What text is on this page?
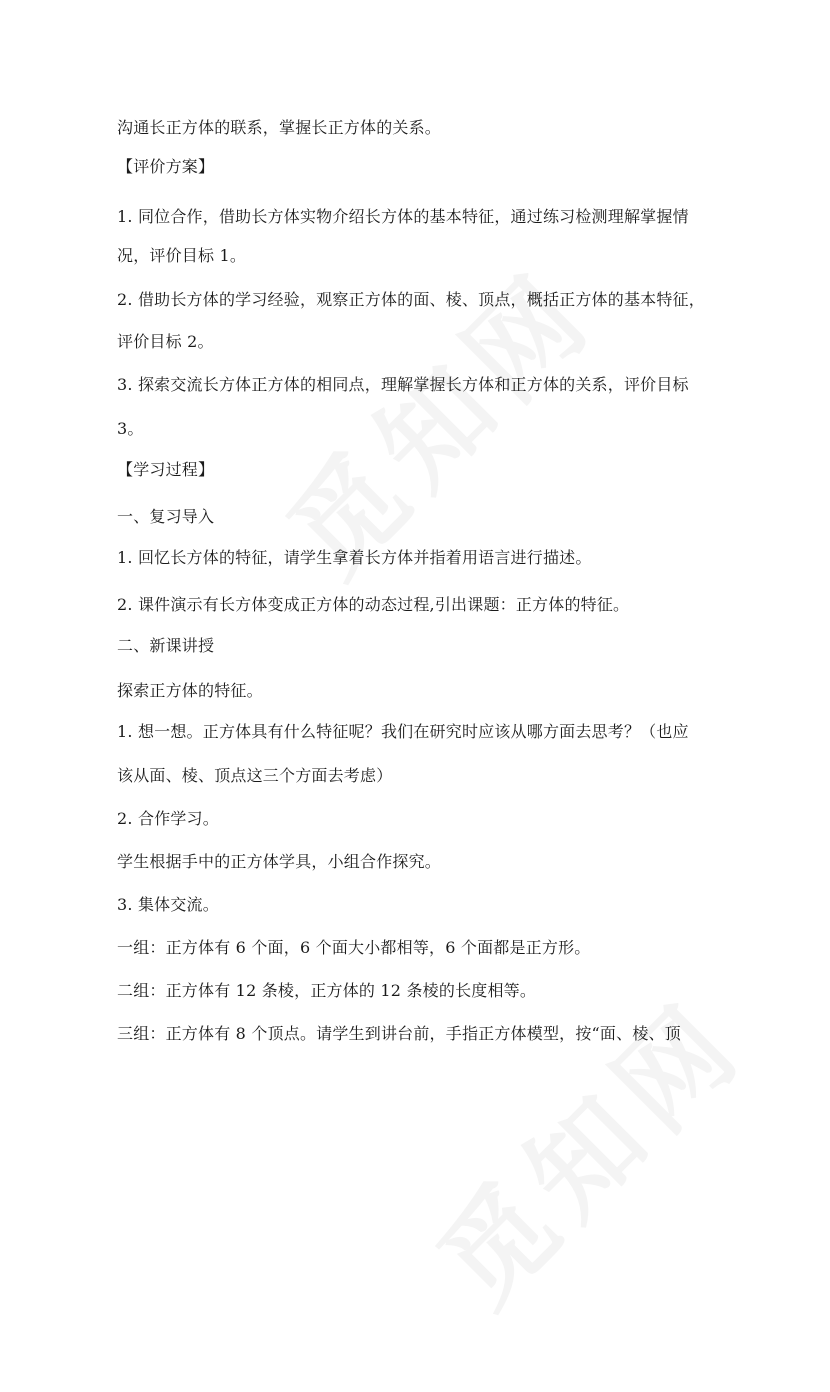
沟通长正方体的联系，掌握长正方体的关系。
【评价方案】
1. 同位合作，借助长方体实物介绍长方体的基本特征，通过练习检测理解掌握情
况，评价目标 1。
2. 借助长方体的学习经验，观察正方体的面、棱、顶点，概括正方体的基本特征，
评价目标 2。
3. 探索交流长方体正方体的相同点，理解掌握长方体和正方体的关系，评价目标
3。
【学习过程】
一、复习导入
1. 回忆长方体的特征，请学生拿着长方体并指着用语言进行描述。
2. 课件演示有长方体变成正方体的动态过程,引出课题：正方体的特征。
二、新课讲授
探索正方体的特征。
1. 想一想。正方体具有什么特征呢？我们在研究时应该从哪方面去思考？（也应
该从面、棱、顶点这三个方面去考虑）
2. 合作学习。
学生根据手中的正方体学具，小组合作探究。
3. 集体交流。
一组：正方体有 6 个面，6 个面大小都相等，6 个面都是正方形。
二组：正方体有 12 条棱，正方体的 12 条棱的长度相等。
三组：正方体有 8 个顶点。请学生到讲台前，手指正方体模型，按“面、棱、顶
